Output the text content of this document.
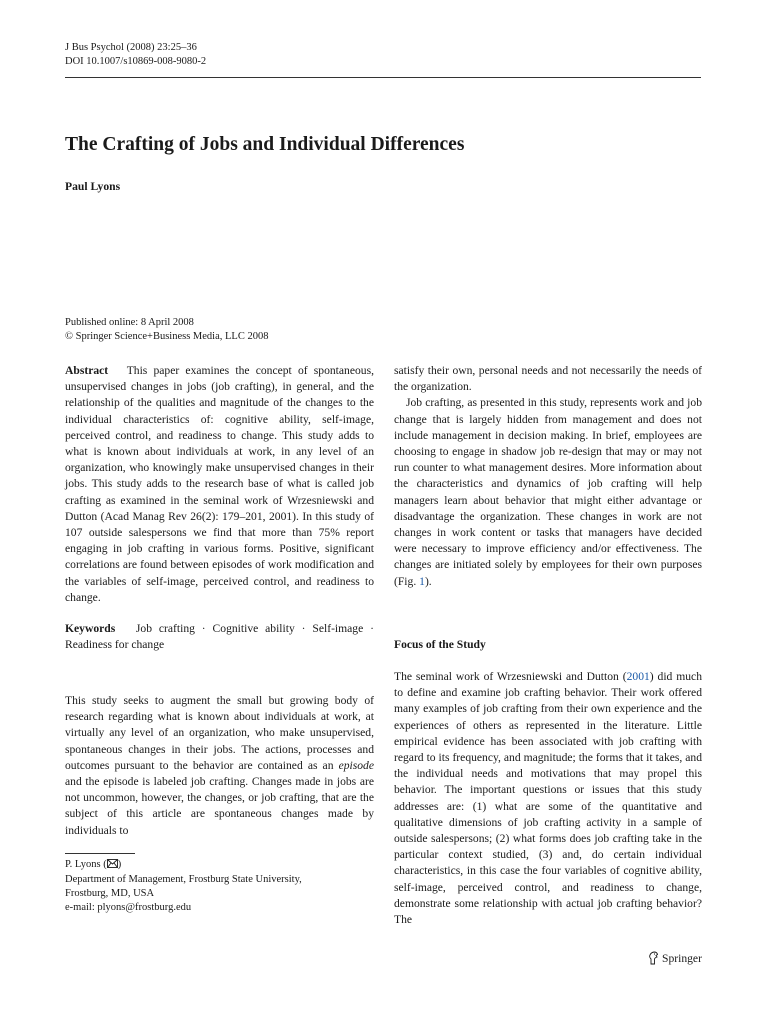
J Bus Psychol (2008) 23:25–36
DOI 10.1007/s10869-008-9080-2
The Crafting of Jobs and Individual Differences
Paul Lyons
Published online: 8 April 2008
© Springer Science+Business Media, LLC 2008

Abstract This paper examines the concept of spontaneous, unsupervised changes in jobs (job crafting), in general, and the relationship of the qualities and magnitude of the changes to the individual characteristics of: cognitive ability, self-image, perceived control, and readiness to change. This study adds to what is known about individuals at work, in any level of an organization, who knowingly make unsupervised changes in their jobs. This study adds to the research base of what is called job crafting as examined in the seminal work of Wrzesniewski and Dutton (Acad Manag Rev 26(2): 179–201, 2001). In this study of 107 outside salespersons we find that more than 75% report engaging in job crafting in various forms. Positive, significant correlations are found between episodes of work modification and the variables of self-image, perceived control, and readiness to change.

Keywords Job crafting · Cognitive ability · Self-image · Readiness for change

This study seeks to augment the small but growing body of research regarding what is known about individuals at work, at virtually any level of an organization, who make unsupervised, spontaneous changes in their jobs. The actions, processes and outcomes pursuant to the behavior are contained as an episode and the episode is labeled job crafting. Changes made in jobs are not uncommon, however, the changes, or job crafting, that are the subject of this article are spontaneous changes made by individuals to

P. Lyons ( )
Department of Management, Frostburg State University,
Frostburg, MD, USA
e-mail: plyons@frostburg.edu

satisfy their own, personal needs and not necessarily the needs of the organization.

Job crafting, as presented in this study, represents work and job change that is largely hidden from management and does not include management in decision making. In brief, employees are choosing to engage in shadow job re-design that may or may not run counter to what management desires. More information about the characteristics and dynamics of job crafting will help managers learn about behavior that might either advantage or disadvantage the organization. These changes in work are not changes in work content or tasks that managers have decided were necessary to improve efficiency and/or effectiveness. The changes are initiated solely by employees for their own purposes (Fig. 1).

Focus of the Study

The seminal work of Wrzesniewski and Dutton (2001) did much to define and examine job crafting behavior. Their work offered many examples of job crafting from their own experience and the experiences of others as represented in the literature. Little empirical evidence has been associated with job crafting with regard to its frequency, and magnitude; the forms that it takes, and the individual needs and motivations that may propel this behavior. The important questions or issues that this study addresses are: (1) what are some of the quantitative and qualitative dimensions of job crafting activity in a sample of outside salespersons; (2) what forms does job crafting take in the particular context studied, (3) and, do certain individual characteristics, in this case the four variables of cognitive ability, self-image, perceived control, and readiness to change, demonstrate some relationship with actual job crafting behavior? The

Springer
